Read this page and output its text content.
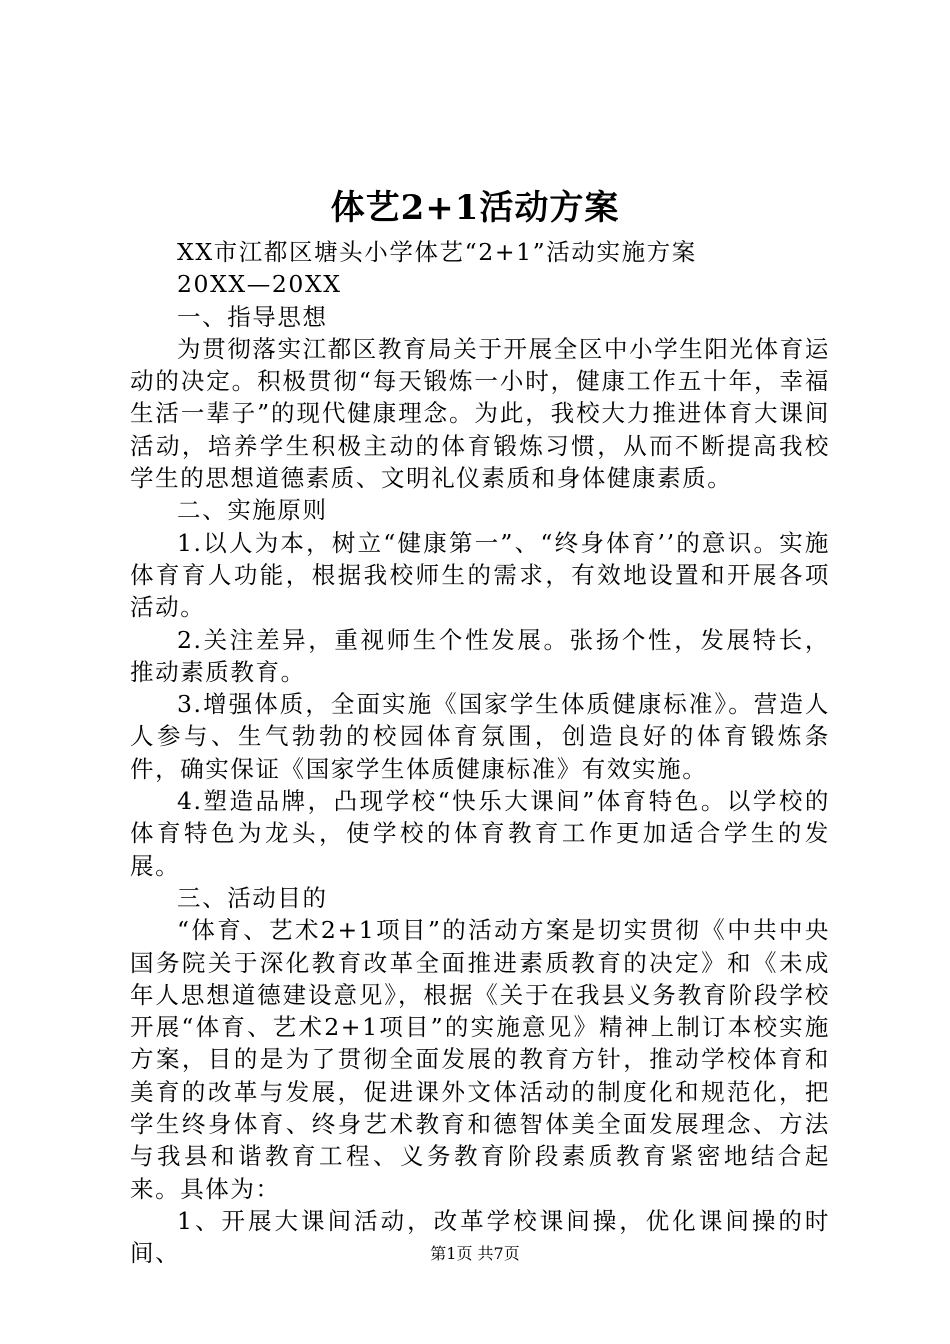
体艺2+1活动方案

XX市江都区塘头小学体艺“2+1”活动实施方案

20XX—20XX

一、指导思想

为贯彻落实江都区教育局关于开展全区中小学生阳光体育运动的决定。积极贯彻“每天锻炼一小时，健康工作五十年，幸福生活一辈子”的现代健康理念。为此，我校大力推进体育大课间活动，培养学生积极主动的体育锻炼习惯，从而不断提高我校学生的思想道德素质、文明礼仪素质和身体健康素质。

二、实施原则

1.以人为本，树立“健康第一”、“终身体育’’的意识。实施体育育人功能，根据我校师生的需求，有效地设置和开展各项活动。

2.关注差异，重视师生个性发展。张扬个性，发展特长，推动素质教育。

3.增强体质，全面实施《国家学生体质健康标准》。营造人人参与、生气勃勃的校园体育氛围，创造良好的体育锻炼条件，确实保证《国家学生体质健康标准》有效实施。

4.塑造品牌，凸现学校“快乐大课间”体育特色。以学校的体育特色为龙头，使学校的体育教育工作更加适合学生的发展。

三、活动目的

“体育、艺术2+1项目”的活动方案是切实贯彻《中共中央国务院关于深化教育改革全面推进素质教育的决定》和《未成年人思想道德建设意见》，根据《关于在我县义务教育阶段学校开展“体育、艺术2+1项目”的实施意见》精神上制订本校实施方案，目的是为了贯彻全面发展的教育方针，推动学校体育和美育的改革与发展，促进课外文体活动的制度化和规范化，把学生终身体育、终身艺术教育和德智体美全面发展理念、方法与我县和谐教育工程、义务教育阶段素质教育紧密地结合起来。具体为：

1、开展大课间活动，改革学校课间操，优化课间操的时间、	第1页 共7页
